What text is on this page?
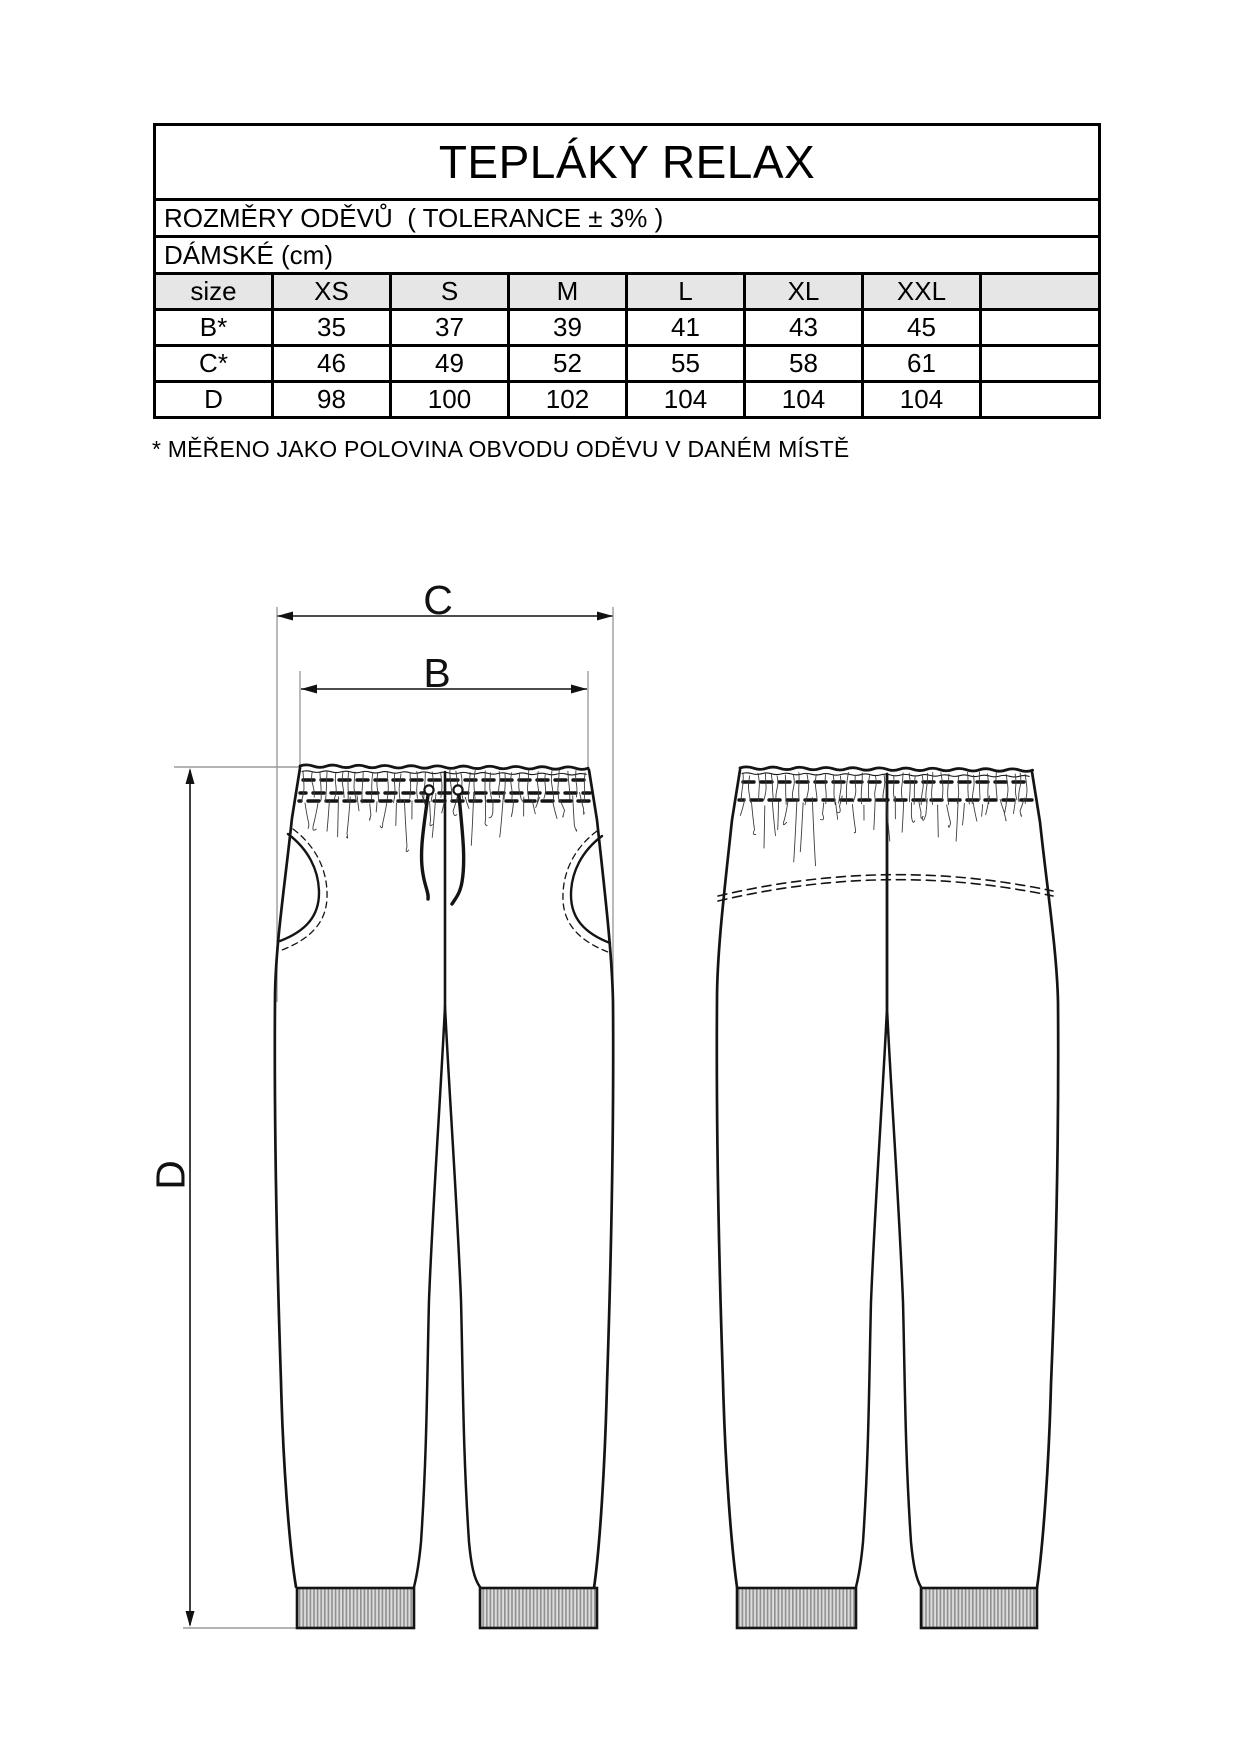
TEPLÁKY RELAX							
ROZMĚRY ODĚVŮ  ( TOLERANCE ± 3% )							
DÁMSKÉ (cm)							
size	XS	S	M	L	XL	XXL	
B*	35	37	39	41	43	45	
C*	46	49	52	55	58	61	
D	98	100	102	104	104	104	
* MĚŘENO JAKO POLOVINA OBVODU ODĚVU V DANÉM MÍSTĚ
C
B
D
